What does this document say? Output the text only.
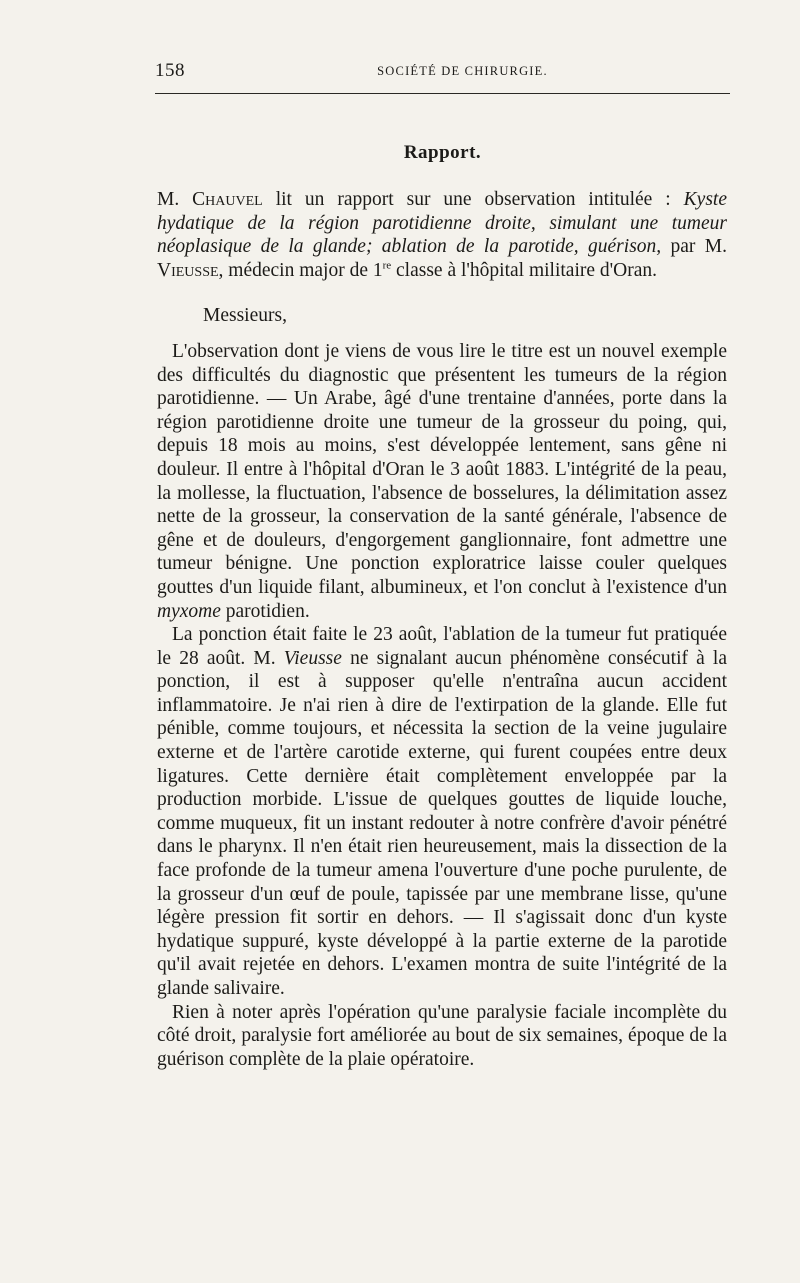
158	SOCIÉTÉ DE CHIRURGIE.
Rapport.

M. Chauvel lit un rapport sur une observation intitulée : Kyste hydatique de la région parotidienne droite, simulant une tumeur néoplasique de la glande; ablation de la parotide, guérison, par M. Vieusse, médecin major de 1re classe à l'hôpital militaire d'Oran.

Messieurs,

L'observation dont je viens de vous lire le titre est un nouvel exemple des difficultés du diagnostic que présentent les tumeurs de la région parotidienne. — Un Arabe, âgé d'une trentaine d'années, porte dans la région parotidienne droite une tumeur de la grosseur du poing, qui, depuis 18 mois au moins, s'est développée lentement, sans gêne ni douleur. Il entre à l'hôpital d'Oran le 3 août 1883. L'intégrité de la peau, la mollesse, la fluctuation, l'absence de bosselures, la délimitation assez nette de la grosseur, la conservation de la santé générale, l'absence de gêne et de douleurs, d'engorgement ganglionnaire, font admettre une tumeur bénigne. Une ponction exploratrice laisse couler quelques gouttes d'un liquide filant, albumineux, et l'on conclut à l'existence d'un myxome parotidien.

La ponction était faite le 23 août, l'ablation de la tumeur fut pratiquée le 28 août. M. Vieusse ne signalant aucun phénomène consécutif à la ponction, il est à supposer qu'elle n'entraîna aucun accident inflammatoire. Je n'ai rien à dire de l'extirpation de la glande. Elle fut pénible, comme toujours, et nécessita la section de la veine jugulaire externe et de l'artère carotide externe, qui furent coupées entre deux ligatures. Cette dernière était complètement enveloppée par la production morbide. L'issue de quelques gouttes de liquide louche, comme muqueux, fit un instant redouter à notre confrère d'avoir pénétré dans le pharynx. Il n'en était rien heureusement, mais la dissection de la face profonde de la tumeur amena l'ouverture d'une poche purulente, de la grosseur d'un œuf de poule, tapissée par une membrane lisse, qu'une légère pression fit sortir en dehors. — Il s'agissait donc d'un kyste hydatique suppuré, kyste développé à la partie externe de la parotide qu'il avait rejetée en dehors. L'examen montra de suite l'intégrité de la glande salivaire.

Rien à noter après l'opération qu'une paralysie faciale incomplète du côté droit, paralysie fort améliorée au bout de six semaines, époque de la guérison complète de la plaie opératoire.
